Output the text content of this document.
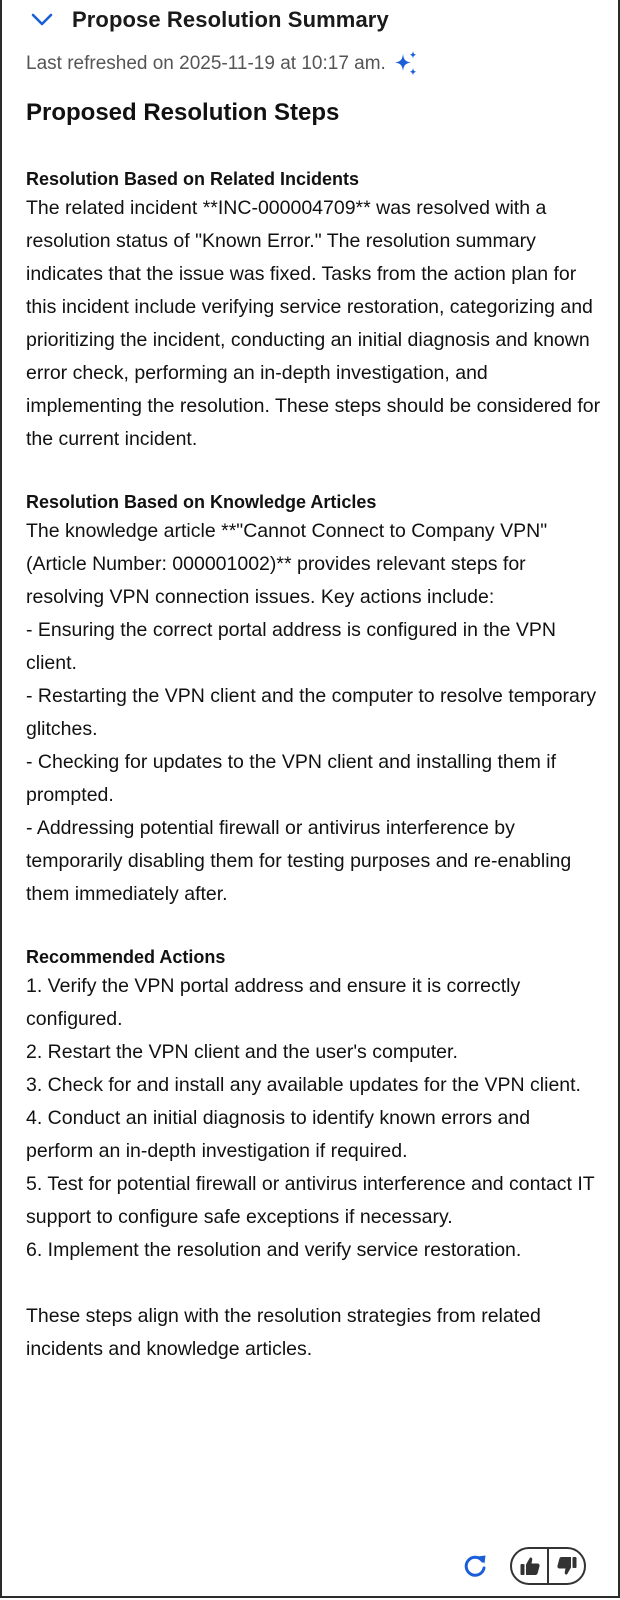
Propose Resolution Summary
Last refreshed on 2025-11-19 at 10:17 am.
Proposed Resolution Steps
Resolution Based on Related Incidents

The related incident **INC-000004709** was resolved with a resolution status of "Known Error." The resolution summary indicates that the issue was fixed. Tasks from the action plan for this incident include verifying service restoration, categorizing and prioritizing the incident, conducting an initial diagnosis and known error check, performing an in-depth investigation, and implementing the resolution. These steps should be considered for the current incident.

Resolution Based on Knowledge Articles

The knowledge article **"Cannot Connect to Company VPN" (Article Number: 000001002)** provides relevant steps for resolving VPN connection issues. Key actions include:

- Ensuring the correct portal address is configured in the VPN client.

- Restarting the VPN client and the computer to resolve temporary glitches.

- Checking for updates to the VPN client and installing them if prompted.

- Addressing potential firewall or antivirus interference by temporarily disabling them for testing purposes and re-enabling them immediately after.

Recommended Actions

1. Verify the VPN portal address and ensure it is correctly configured.

2. Restart the VPN client and the user's computer.

3. Check for and install any available updates for the VPN client.

4. Conduct an initial diagnosis to identify known errors and perform an in-depth investigation if required.

5. Test for potential firewall or antivirus interference and contact IT support to configure safe exceptions if necessary.

6. Implement the resolution and verify service restoration.

These steps align with the resolution strategies from related incidents and knowledge articles.
